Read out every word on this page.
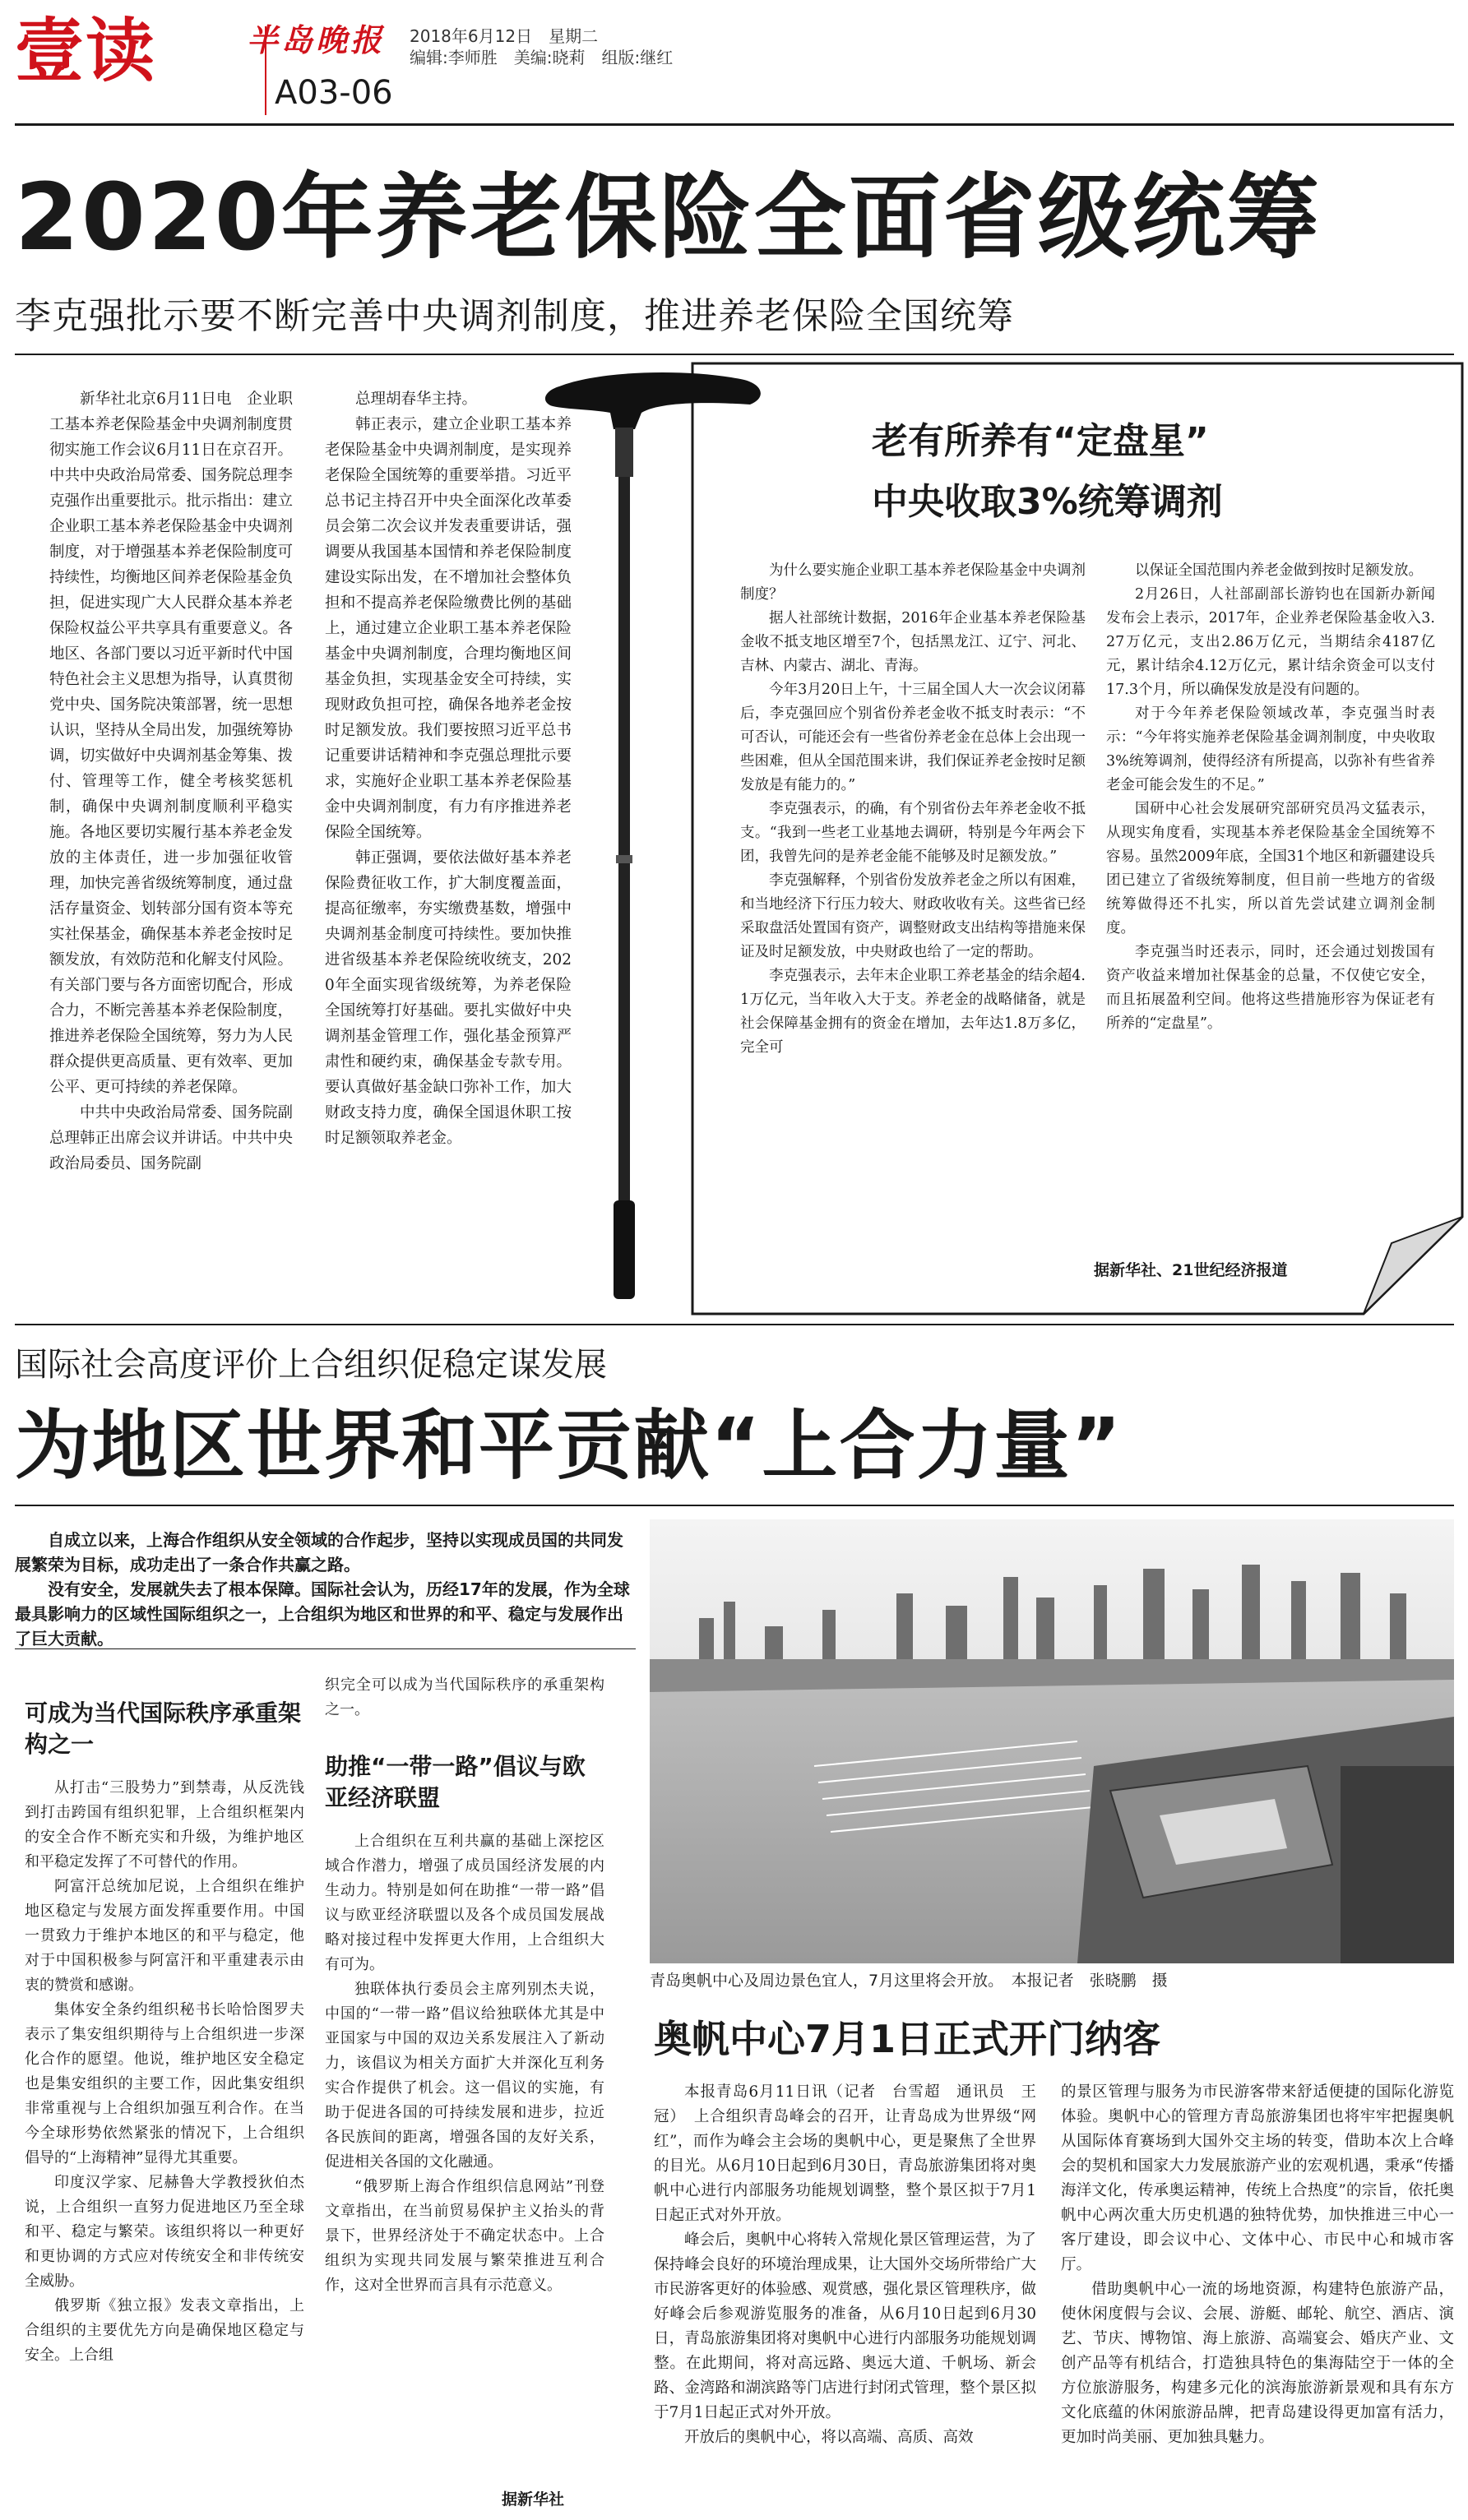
壹读	半岛晚报 2018年6月12日　星期二
编辑:李师胜　美编:晓莉　组版:继红
A03-06
2020年养老保险全面省级统筹
李克强批示要不断完善中央调剂制度，推进养老保险全国统筹

新华社北京6月11日电　企业职工基本养老保险基金中央调剂制度贯彻实施工作会议6月11日在京召开。中共中央政治局常委、国务院总理李克强作出重要批示。批示指出：建立企业职工基本养老保险基金中央调剂制度，对于增强基本养老保险制度可持续性，均衡地区间养老保险基金负担，促进实现广大人民群众基本养老保险权益公平共享具有重要意义。各地区、各部门要以习近平新时代中国特色社会主义思想为指导，认真贯彻党中央、国务院决策部署，统一思想认识，坚持从全局出发，加强统筹协调，切实做好中央调剂基金筹集、拨付、管理等工作，健全考核奖惩机制，确保中央调剂制度顺利平稳实施。各地区要切实履行基本养老金发放的主体责任，进一步加强征收管理，加快完善省级统筹制度，通过盘活存量资金、划转部分国有资本等充实社保基金，确保基本养老金按时足额发放，有效防范和化解支付风险。有关部门要与各方面密切配合，形成合力，不断完善基本养老保险制度，推进养老保险全国统筹，努力为人民群众提供更高质量、更有效率、更加公平、更可持续的养老保障。

中共中央政治局常委、国务院副总理韩正出席会议并讲话。中共中央政治局委员、国务院副

总理胡春华主持。

韩正表示，建立企业职工基本养老保险基金中央调剂制度，是实现养老保险全国统筹的重要举措。习近平总书记主持召开中央全面深化改革委员会第二次会议并发表重要讲话，强调要从我国基本国情和养老保险制度建设实际出发，在不增加社会整体负担和不提高养老保险缴费比例的基础上，通过建立企业职工基本养老保险基金中央调剂制度，合理均衡地区间基金负担，实现基金安全可持续，实现财政负担可控，确保各地养老金按时足额发放。我们要按照习近平总书记重要讲话精神和李克强总理批示要求，实施好企业职工基本养老保险基金中央调剂制度，有力有序推进养老保险全国统筹。

韩正强调，要依法做好基本养老保险费征收工作，扩大制度覆盖面，提高征缴率，夯实缴费基数，增强中央调剂基金制度可持续性。要加快推进省级基本养老保险统收统支，2020年全面实现省级统筹，为养老保险全国统筹打好基础。要扎实做好中央调剂基金管理工作，强化基金预算严肃性和硬约束，确保基金专款专用。要认真做好基金缺口弥补工作，加大财政支持力度，确保全国退休职工按时足额领取养老金。

老有所养有“定盘星”
中央收取3%统筹调剂

为什么要实施企业职工基本养老保险基金中央调剂制度？

据人社部统计数据，2016年企业基本养老保险基金收不抵支地区增至7个，包括黑龙江、辽宁、河北、吉林、内蒙古、湖北、青海。

今年3月20日上午，十三届全国人大一次会议闭幕后，李克强回应个别省份养老金收不抵支时表示：“不可否认，可能还会有一些省份养老金在总体上会出现一些困难，但从全国范围来讲，我们保证养老金按时足额发放是有能力的。”

李克强表示，的确，有个别省份去年养老金收不抵支。“我到一些老工业基地去调研，特别是今年两会下团，我曾先问的是养老金能不能够及时足额发放。”

李克强解释，个别省份发放养老金之所以有困难，和当地经济下行压力较大、财政收收有关。这些省已经采取盘活处置国有资产，调整财政支出结构等措施来保证及时足额发放，中央财政也给了一定的帮助。

李克强表示，去年末企业职工养老基金的结余超4.1万亿元，当年收入大于支。养老金的战略储备，就是社会保障基金拥有的资金在增加，去年达1.8万多亿，完全可

以保证全国范围内养老金做到按时足额发放。

2月26日，人社部副部长游钧也在国新办新闻发布会上表示，2017年，企业养老保险基金收入3.27万亿元，支出2.86万亿元，当期结余4187亿元，累计结余4.12万亿元，累计结余资金可以支付17.3个月，所以确保发放是没有问题的。

对于今年养老保险领域改革，李克强当时表示：“今年将实施养老保险基金调剂制度，中央收取3%统筹调剂，使得经济有所提高，以弥补有些省养老金可能会发生的不足。”

国研中心社会发展研究部研究员冯文猛表示，从现实角度看，实现基本养老保险基金全国统筹不容易。虽然2009年底，全国31个地区和新疆建设兵团已建立了省级统筹制度，但目前一些地方的省级统筹做得还不扎实，所以首先尝试建立调剂金制度。

李克强当时还表示，同时，还会通过划拨国有资产收益来增加社保基金的总量，不仅使它安全，而且拓展盈利空间。他将这些措施形容为保证老有所养的“定盘星”。

据新华社、21世纪经济报道
国际社会高度评价上合组织促稳定谋发展
为地区世界和平贡献“上合力量”

自成立以来，上海合作组织从安全领域的合作起步，坚持以实现成员国的共同发展繁荣为目标，成功走出了一条合作共赢之路。

没有安全，发展就失去了根本保障。国际社会认为，历经17年的发展，作为全球最具影响力的区域性国际组织之一，上合组织为地区和世界的和平、稳定与发展作出了巨大贡献。

可成为当代国际秩序承重架构之一

从打击“三股势力”到禁毒，从反洗钱到打击跨国有组织犯罪，上合组织框架内的安全合作不断充实和升级，为维护地区和平稳定发挥了不可替代的作用。

阿富汗总统加尼说，上合组织在维护地区稳定与发展方面发挥重要作用。中国一贯致力于维护本地区的和平与稳定，他对于中国积极参与阿富汗和平重建表示由衷的赞赏和感谢。

集体安全条约组织秘书长哈恰图罗夫表示了集安组织期待与上合组织进一步深化合作的愿望。他说，维护地区安全稳定也是集安组织的主要工作，因此集安组织非常重视与上合组织加强互利合作。在当今全球形势依然紧张的情况下，上合组织倡导的“上海精神”显得尤其重要。

印度汉学家、尼赫鲁大学教授狄伯杰说，上合组织一直努力促进地区乃至全球和平、稳定与繁荣。该组织将以一种更好和更协调的方式应对传统安全和非传统安全威胁。

俄罗斯《独立报》发表文章指出，上合组织的主要优先方向是确保地区稳定与安全。上合组

织完全可以成为当代国际秩序的承重架构之一。

助推“一带一路”倡议与欧亚经济联盟

上合组织在互利共赢的基础上深挖区域合作潜力，增强了成员国经济发展的内生动力。特别是如何在助推“一带一路”倡议与欧亚经济联盟以及各个成员国发展战略对接过程中发挥更大作用，上合组织大有可为。

独联体执行委员会主席列别杰夫说，中国的“一带一路”倡议给独联体尤其是中亚国家与中国的双边关系发展注入了新动力，该倡议为相关方面扩大并深化互利务实合作提供了机会。这一倡议的实施，有助于促进各国的可持续发展和进步，拉近各民族间的距离，增强各国的友好关系，促进相关各国的文化融通。

“俄罗斯上海合作组织信息网站”刊登文章指出，在当前贸易保护主义抬头的背景下，世界经济处于不确定状态中。上合组织为实现共同发展与繁荣推进互利合作，这对全世界而言具有示范意义。

据新华社
青岛奥帆中心及周边景色宜人，7月这里将会开放。　本报记者　张晓鹏　摄
奥帆中心7月1日正式开门纳客

本报青岛6月11日讯（记者　台雪超　通讯员　王冠）　上合组织青岛峰会的召开，让青岛成为世界级“网红”，而作为峰会主会场的奥帆中心，更是聚焦了全世界的目光。从6月10日起到6月30日，青岛旅游集团将对奥帆中心进行内部服务功能规划调整，整个景区拟于7月1日起正式对外开放。

峰会后，奥帆中心将转入常规化景区管理运营，为了保持峰会良好的环境治理成果，让大国外交场所带给广大市民游客更好的体验感、观赏感，强化景区管理秩序，做好峰会后参观游览服务的准备，从6月10日起到6月30日，青岛旅游集团将对奥帆中心进行内部服务功能规划调整。在此期间，将对高远路、奥远大道、千帆场、新会路、金湾路和湖滨路等门店进行封闭式管理，整个景区拟于7月1日起正式对外开放。

开放后的奥帆中心，将以高端、高质、高效

的景区管理与服务为市民游客带来舒适便捷的国际化游览体验。奥帆中心的管理方青岛旅游集团也将牢牢把握奥帆从国际体育赛场到大国外交主场的转变，借助本次上合峰会的契机和国家大力发展旅游产业的宏观机遇，秉承“传播海洋文化，传承奥运精神，传统上合热度”的宗旨，依托奥帆中心两次重大历史机遇的独特优势，加快推进三中心一客厅建设，即会议中心、文体中心、市民中心和城市客厅。

借助奥帆中心一流的场地资源，构建特色旅游产品，使休闲度假与会议、会展、游艇、邮轮、航空、酒店、演艺、节庆、博物馆、海上旅游、高端宴会、婚庆产业、文创产品等有机结合，打造独具特色的集海陆空于一体的全方位旅游服务，构建多元化的滨海旅游新景观和具有东方文化底蕴的休闲旅游品牌，把青岛建设得更加富有活力，更加时尚美丽、更加独具魅力。
